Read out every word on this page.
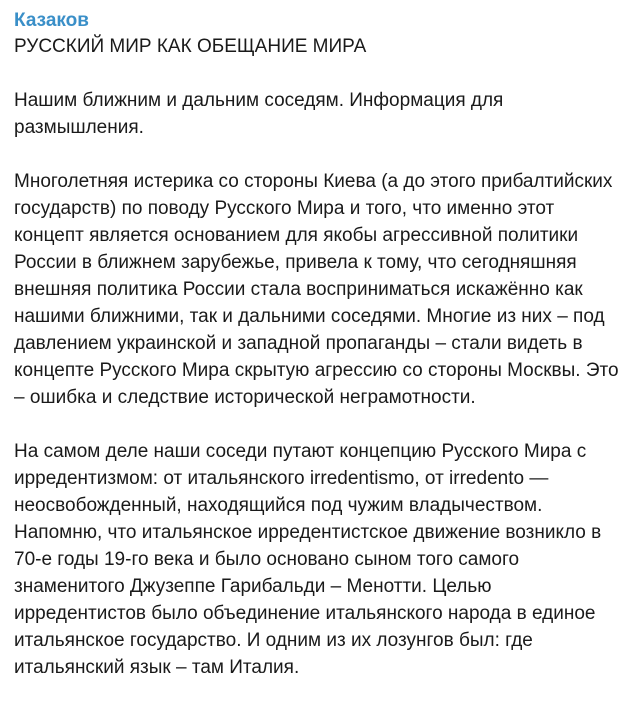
Казаков
РУССКИЙ МИР КАК ОБЕЩАНИЕ МИРА

Нашим ближним и дальним соседям. Информация для размышления.

Многолетняя истерика со стороны Киева (а до этого прибалтийских государств) по поводу Русского Мира и того, что именно этот концепт является основанием для якобы агрессивной политики России в ближнем зарубежье, привела к тому, что сегодняшняя внешняя политика России стала восприниматься искажённо как нашими ближними, так и дальними соседями. Многие из них – под давлением украинской и западной пропаганды – стали видеть в концепте Русского Мира скрытую агрессию со стороны Москвы. Это – ошибка и следствие исторической неграмотности.

На самом деле наши соседи путают концепцию Русского Мира с ирредентизмом: от итальянского irredentismo, от irredento — неосвобожденный, находящийся под чужим владычеством. Напомню, что итальянское ирредентистское движение возникло в 70-е годы 19-го века и было основано сыном того самого знаменитого Джузеппе Гарибальди – Менотти. Целью ирредентистов было объединение итальянского народа в единое итальянское государство. И одним из их лозунгов был: где итальянский язык – там Италия.
